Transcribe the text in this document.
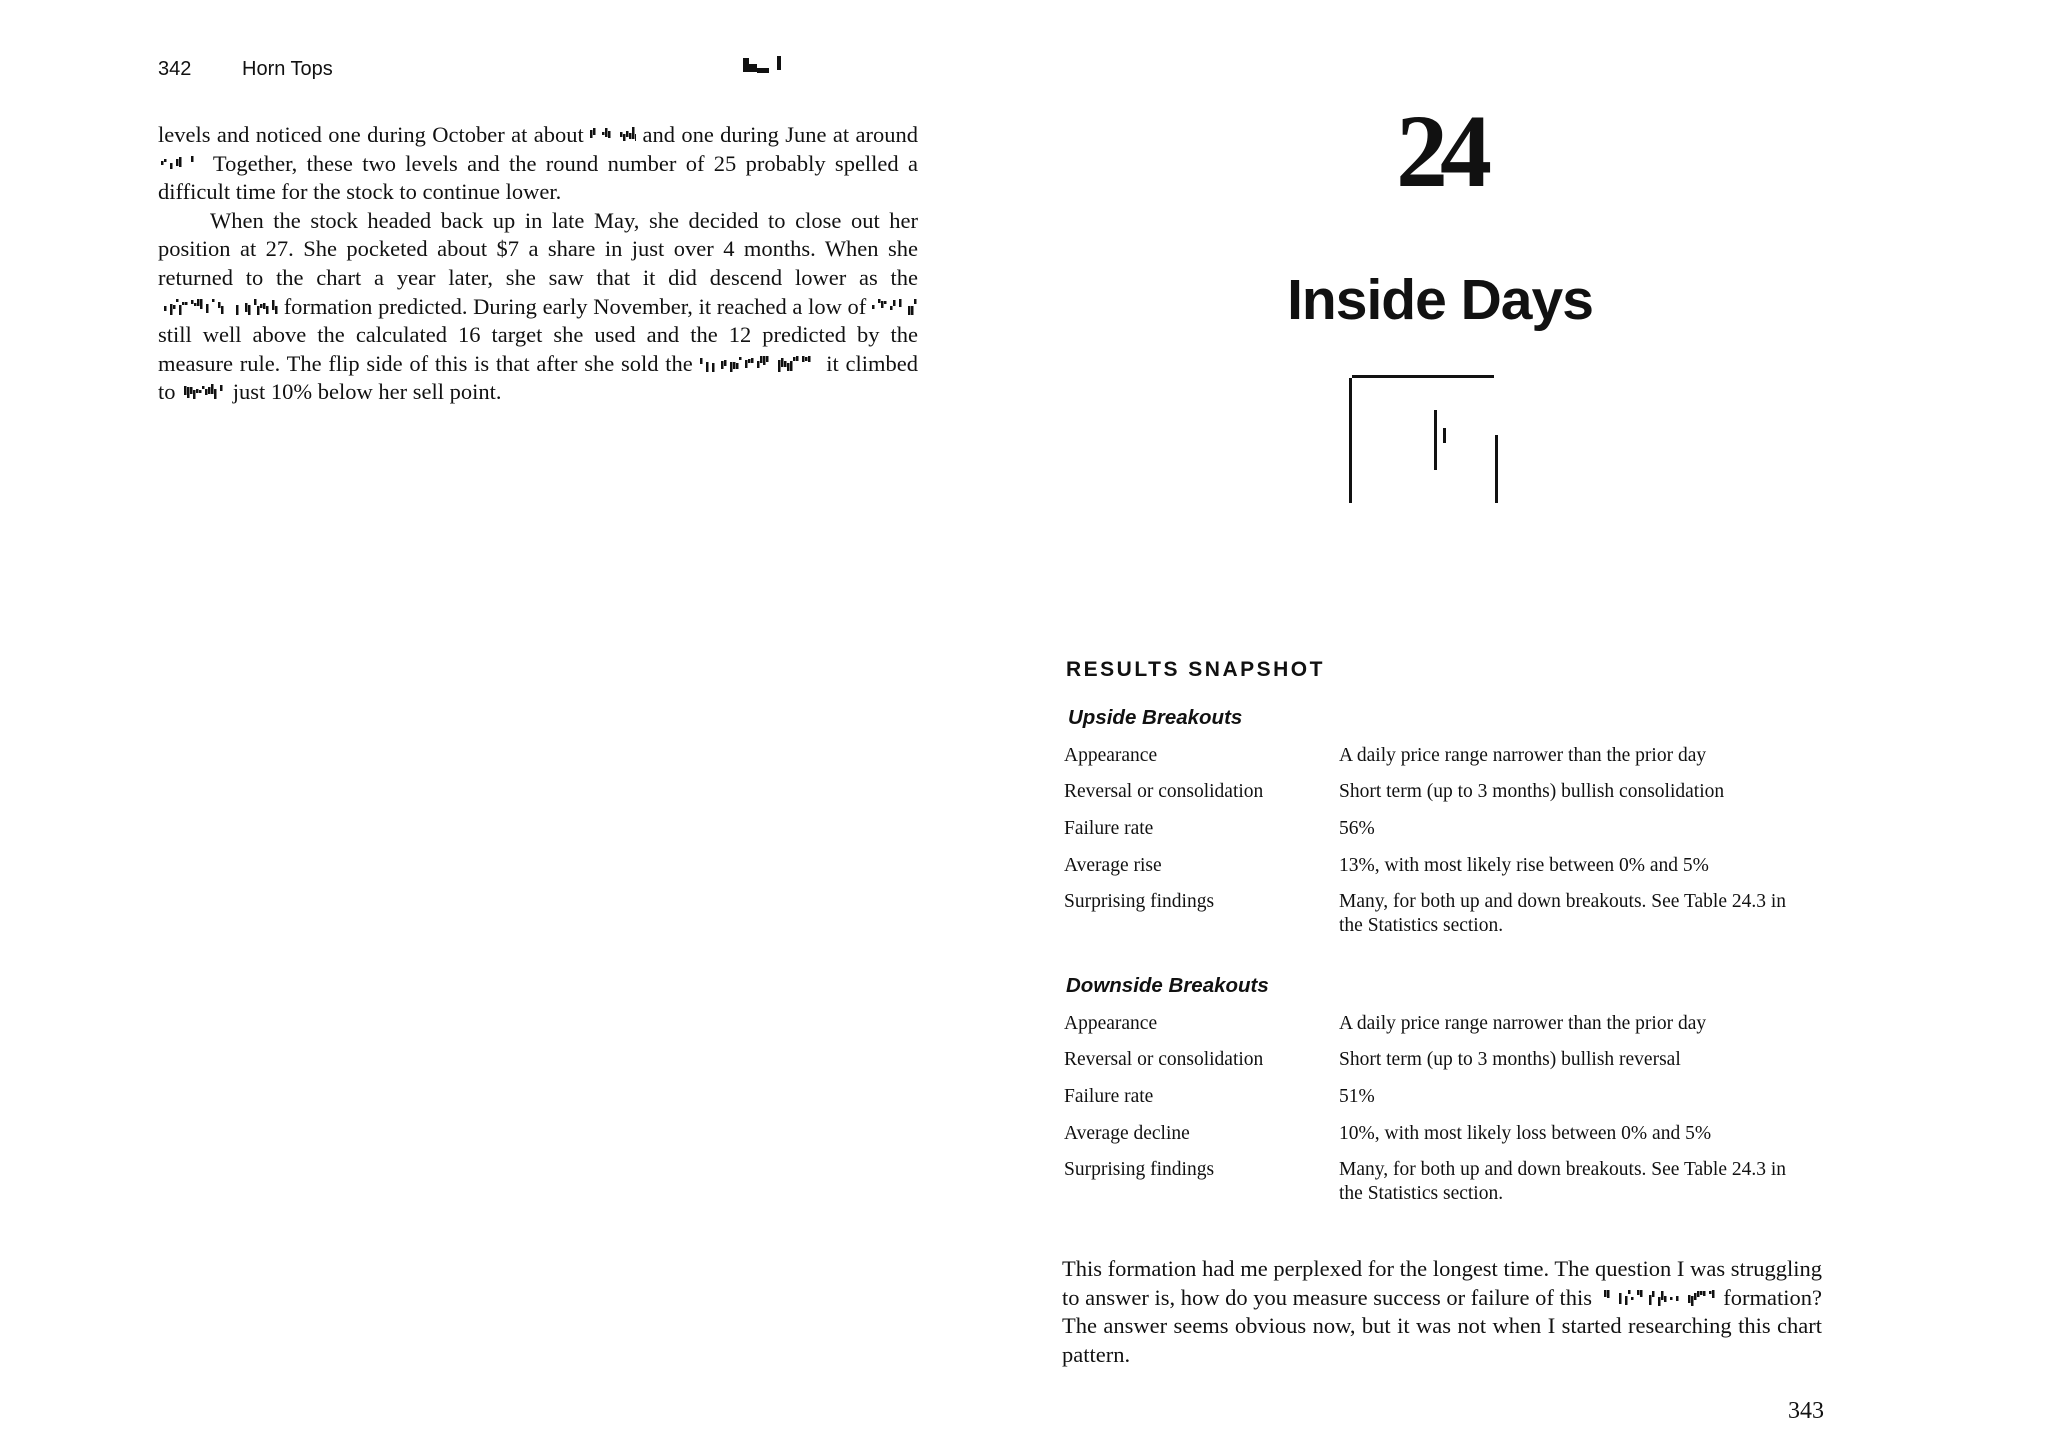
342	Horn Tops

levels and noticed one during October at about  and one during June at around  Together, these two levels and the round number of 25 probably spelled a difficult time for the stock to continue lower.

When the stock headed back up in late May, she decided to close out her position at 27. She pocketed about $7 a share in just over 4 months. When she returned to the chart a year later, she saw that it did descend lower as the  formation predicted. During early November, it reached a low of  still well above the calculated 16 target she used and the 12 predicted by the measure rule. The flip side of this is that after she sold the	it climbed to  just 10% below her sell point.

24
Inside Days
RESULTS SNAPSHOT
Upside Breakouts
Appearance	A daily price range narrower than the prior day
Reversal or consolidation	Short term (up to 3 months) bullish consolidation
Failure rate	56%
Average rise	13%, with most likely rise between 0% and 5%
Surprising findings	Many, for both up and down breakouts. See Table 24.3 in the Statistics section.
Downside Breakouts
Appearance	A daily price range narrower than the prior day
Reversal or consolidation	Short term (up to 3 months) bullish reversal
Failure rate	51%
Average decline	10%, with most likely loss between 0% and 5%
Surprising findings	Many, for both up and down breakouts. See Table 24.3 in the Statistics section.

This formation had me perplexed for the longest time. The question I was struggling to answer is, how do you measure success or failure of this	formation? The answer seems obvious now, but it was not when I started researching this chart pattern.

343
